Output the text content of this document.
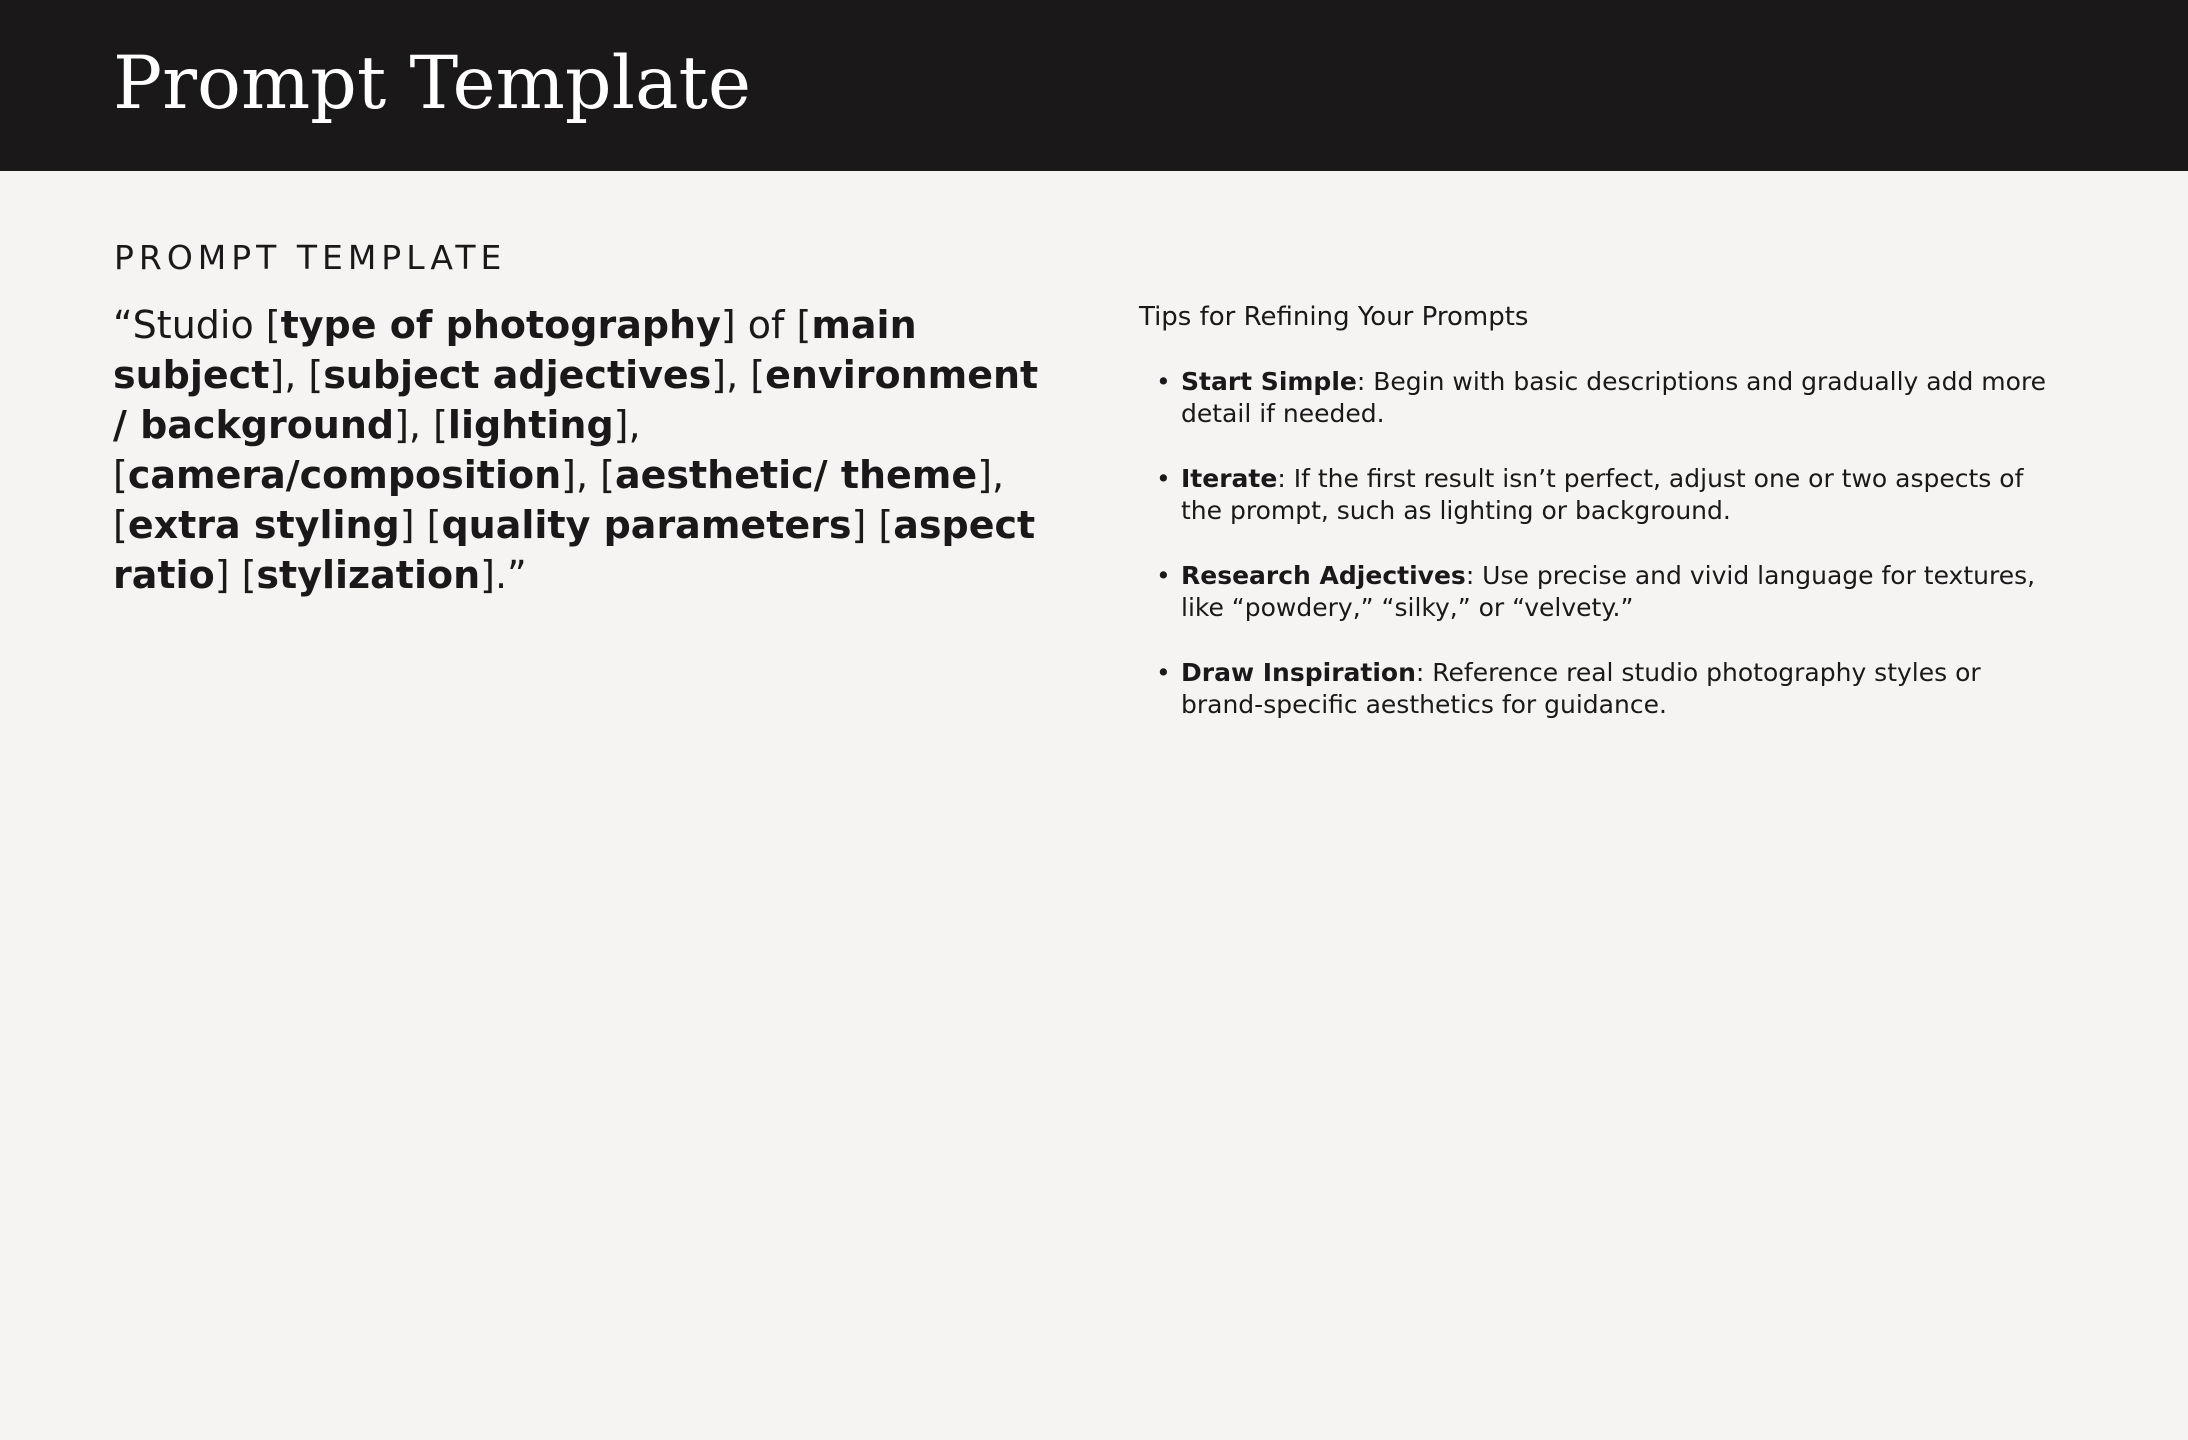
Prompt Template
PROMPT TEMPLATE

“Studio [type of photography] of [main subject], [subject adjectives], [environment / background], [lighting], [camera/composition], [aesthetic/ theme], [extra styling] [quality parameters] [aspect ratio] [stylization].”

Tips for Refining Your Prompts
• Start Simple: Begin with basic descriptions and gradually add more detail if needed.
• Iterate: If the first result isn’t perfect, adjust one or two aspects of the prompt, such as lighting or background.
• Research Adjectives: Use precise and vivid language for textures, like “powdery,” “silky,” or “velvety.”
• Draw Inspiration: Reference real studio photography styles or brand-specific aesthetics for guidance.
